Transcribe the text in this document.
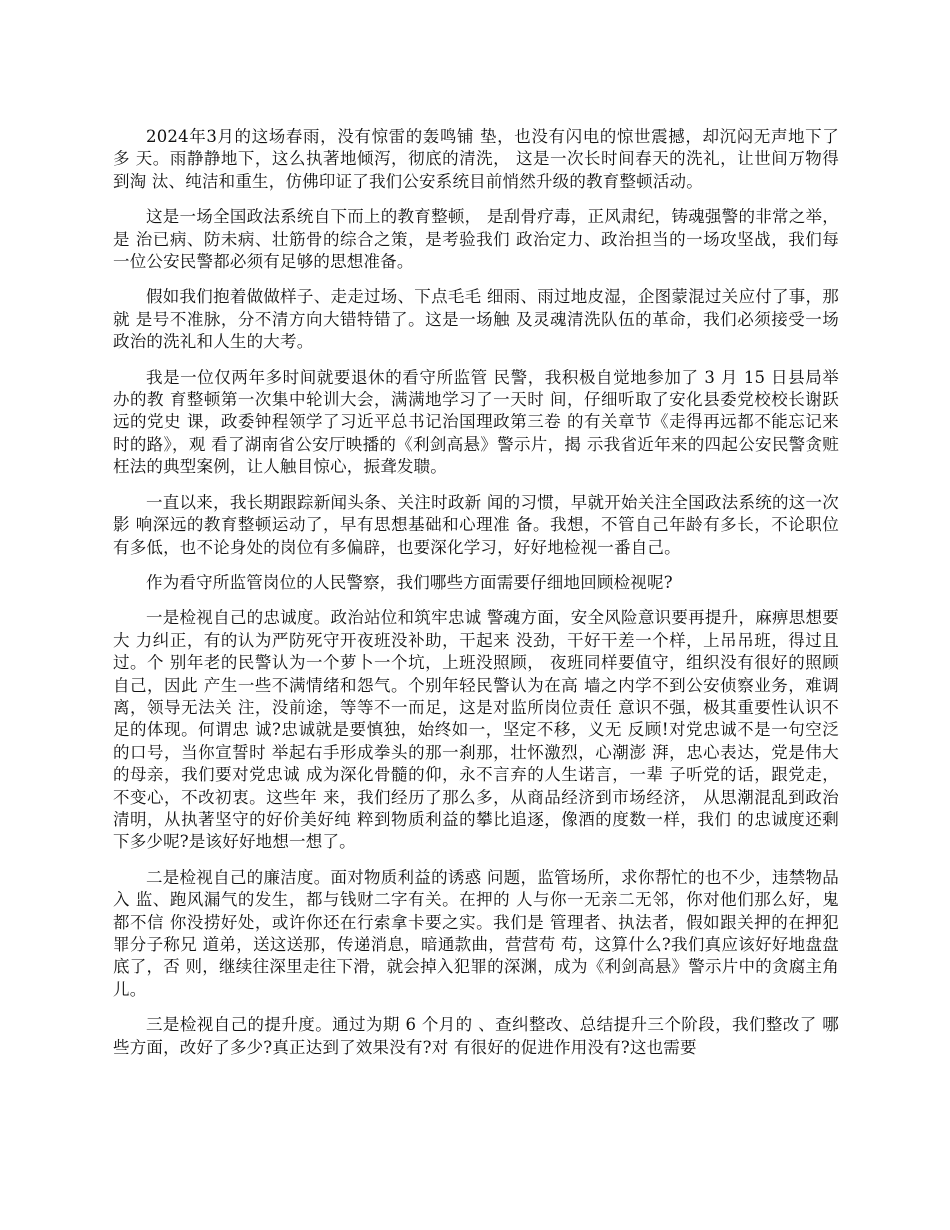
2024年3月的这场春雨，没有惊雷的轰鸣铺 垫，也没有闪电的惊世震撼，却沉闷无声地下了多 天。雨静静地下，这么执著地倾泻，彻底的清洗， 这是一次长时间春天的洗礼，让世间万物得到淘 汰、纯洁和重生，仿佛印证了我们公安系统目前悄然升级的教育整顿活动。

这是一场全国政法系统自下而上的教育整顿， 是刮骨疗毒，正风肃纪，铸魂强警的非常之举，是 治已病、防未病、壮筋骨的综合之策，是考验我们 政治定力、政治担当的一场攻坚战，我们每一位公安民警都必须有足够的思想准备。

假如我们抱着做做样子、走走过场、下点毛毛 细雨、雨过地皮湿，企图蒙混过关应付了事，那就 是号不准脉，分不清方向大错特错了。这是一场触 及灵魂清洗队伍的革命，我们必须接受一场政治的洗礼和人生的大考。

我是一位仅两年多时间就要退休的看守所监管 民警，我积极自觉地参加了 3 月 15 日县局举办的教 育整顿第一次集中轮训大会，满满地学习了一天时 间，仔细听取了安化县委党校校长谢跃远的党史 课，政委钟程领学了习近平总书记治国理政第三卷 的有关章节《走得再远都不能忘记来时的路》，观 看了湖南省公安厅映播的《利剑高悬》警示片，揭 示我省近年来的四起公安民警贪赃枉法的典型案例，让人触目惊心，振聋发聩。

一直以来，我长期跟踪新闻头条、关注时政新 闻的习惯，早就开始关注全国政法系统的这一次影 响深远的教育整顿运动了，早有思想基础和心理准 备。我想，不管自己年龄有多长，不论职位有多低，也不论身处的岗位有多偏辟，也要深化学习，好好地检视一番自己。

作为看守所监管岗位的人民警察，我们哪些方面需要仔细地回顾检视呢?

一是检视自己的忠诚度。政治站位和筑牢忠诚 警魂方面，安全风险意识要再提升，麻痹思想要大 力纠正，有的认为严防死守开夜班没补助，干起来 没劲，干好干差一个样，上吊吊班，得过且过。个 别年老的民警认为一个萝卜一个坑，上班没照顾， 夜班同样要值守，组织没有很好的照顾自己，因此 产生一些不满情绪和怨气。个别年轻民警认为在高 墙之内学不到公安侦察业务，难调离，领导无法关 注，没前途，等等不一而足，这是对监所岗位责任 意识不强，极其重要性认识不足的体现。何谓忠 诚?忠诚就是要慎独，始终如一，坚定不移，义无 反顾!对党忠诚不是一句空泛的口号，当你宣誓时 举起右手形成拳头的那一刹那，壮怀激烈，心潮澎 湃，忠心表达，党是伟大的母亲，我们要对党忠诚 成为深化骨髓的仰，永不言弃的人生诺言，一辈 子听党的话，跟党走，不变心，不改初衷。这些年 来，我们经历了那么多，从商品经济到市场经济， 从思潮混乱到政治清明，从执著坚守的好价美好纯 粹到物质利益的攀比追逐，像酒的度数一样，我们 的忠诚度还剩下多少呢?是该好好地想一想了。

二是检视自己的廉洁度。面对物质利益的诱惑 问题，监管场所，求你帮忙的也不少，违禁物品入 监、跑风漏气的发生，都与钱财二字有关。在押的 人与你一无亲二无邻，你对他们那么好，鬼都不信 你没捞好处，或许你还在行索拿卡要之实。我们是 管理者、执法者，假如跟关押的在押犯罪分子称兄 道弟，送这送那，传递消息，暗通款曲，营营苟 苟，这算什么?我们真应该好好地盘盘底了，否 则，继续往深里走往下滑，就会掉入犯罪的深渊，成为《利剑高悬》警示片中的贪腐主角儿。

三是检视自己的提升度。通过为期 6 个月的 、查纠整改、总结提升三个阶段，我们整改了 哪些方面，改好了多少?真正达到了效果没有?对 有很好的促进作用没有?这也需要
